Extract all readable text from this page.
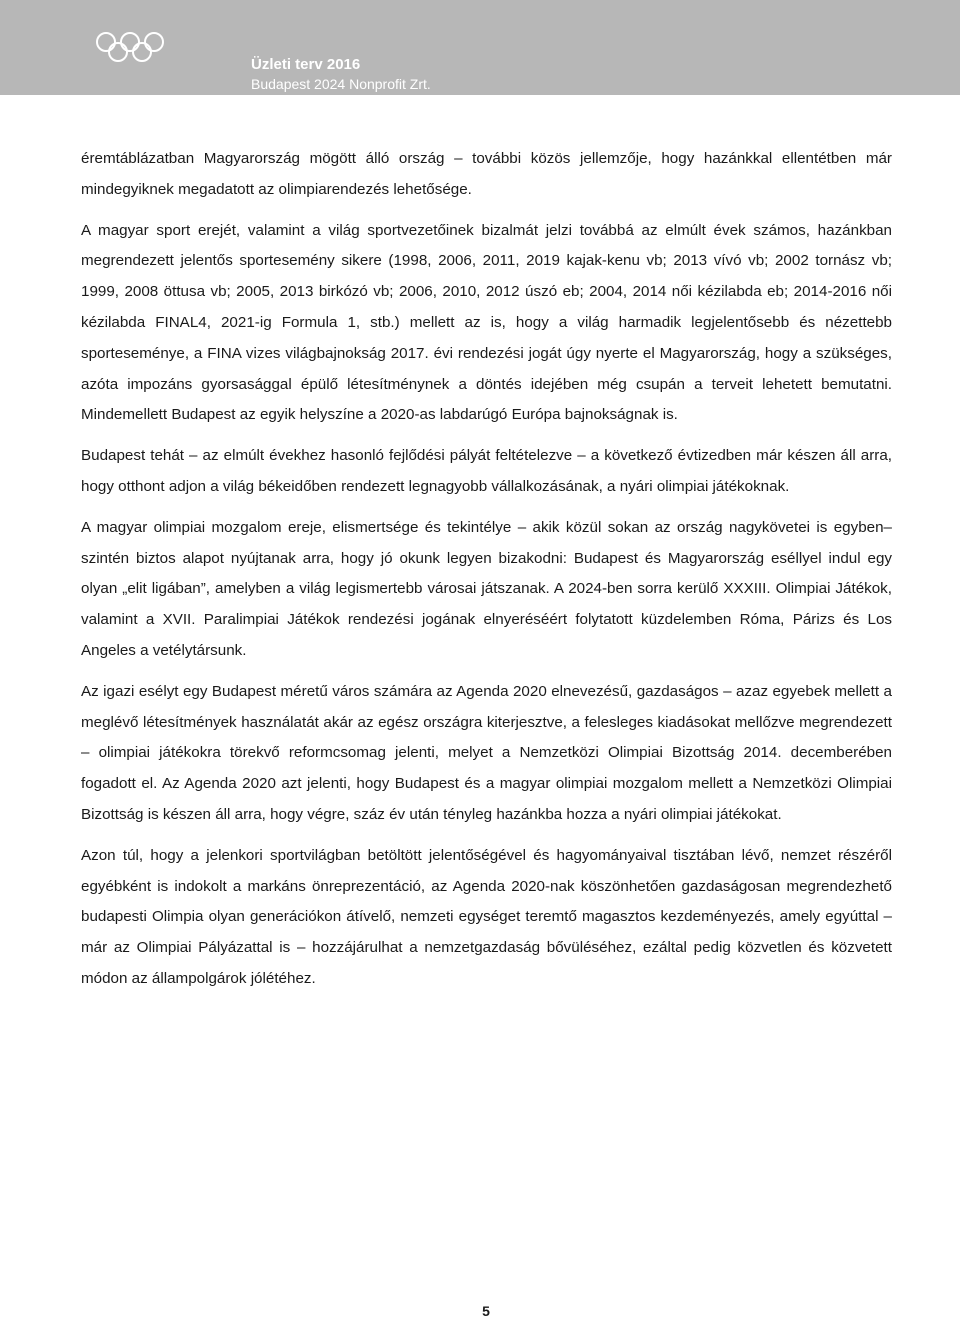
Üzleti terv 2016
Budapest 2024 Nonprofit Zrt.

éremtáblázatban Magyarország mögött álló ország – további közös jellemzője, hogy hazánkkal ellentétben már mindegyiknek megadatott az olimpiarendezés lehetősége.

A magyar sport erejét, valamint a világ sportvezetőinek bizalmát jelzi továbbá az elmúlt évek számos, hazánkban megrendezett jelentős sportesemény sikere (1998, 2006, 2011, 2019 kajak-kenu vb; 2013 vívó vb; 2002 tornász vb; 1999, 2008 öttusa vb; 2005, 2013 birkózó vb; 2006, 2010, 2012 úszó eb; 2004, 2014 női kézilabda eb; 2014-2016 női kézilabda FINAL4, 2021-ig Formula 1, stb.) mellett az is, hogy a világ harmadik legjelentősebb és nézettebb sporteseménye, a FINA vizes világbajnokság 2017. évi rendezési jogát úgy nyerte el Magyarország, hogy a szükséges, azóta impozáns gyorsasággal épülő létesítménynek a döntés idejében még csupán a terveit lehetett bemutatni. Mindemellett Budapest az egyik helyszíne a 2020-as labdarúgó Európa bajnokságnak is.

Budapest tehát – az elmúlt évekhez hasonló fejlődési pályát feltételezve – a következő évtizedben már készen áll arra, hogy otthont adjon a világ békeidőben rendezett legnagyobb vállalkozásának, a nyári olimpiai játékoknak.

A magyar olimpiai mozgalom ereje, elismertsége és tekintélye – akik közül sokan az ország nagykövetei is egyben– szintén biztos alapot nyújtanak arra, hogy jó okunk legyen bizakodni: Budapest és Magyarország eséllyel indul egy olyan „elit ligában”, amelyben a világ legismertebb városai játszanak. A 2024-ben sorra kerülő XXXIII. Olimpiai Játékok, valamint a XVII. Paralimpiai Játékok rendezési jogának elnyeréséért folytatott küzdelemben Róma, Párizs és Los Angeles a vetélytársunk.

Az igazi esélyt egy Budapest méretű város számára az Agenda 2020 elnevezésű, gazdaságos – azaz egyebek mellett a meglévő létesítmények használatát akár az egész országra kiterjesztve, a felesleges kiadásokat mellőzve megrendezett – olimpiai játékokra törekvő reformcsomag jelenti, melyet a Nemzetközi Olimpiai Bizottság 2014. decemberében fogadott el. Az Agenda 2020 azt jelenti, hogy Budapest és a magyar olimpiai mozgalom mellett a Nemzetközi Olimpiai Bizottság is készen áll arra, hogy végre, száz év után tényleg hazánkba hozza a nyári olimpiai játékokat.

Azon túl, hogy a jelenkori sportvilágban betöltött jelentőségével és hagyományaival tisztában lévő, nemzet részéről egyébként is indokolt a markáns önreprezentáció, az Agenda 2020-nak köszönhetően gazdaságosan megrendezhető budapesti Olimpia olyan generációkon átívelő, nemzeti egységet teremtő magasztos kezdeményezés, amely egyúttal – már az Olimpiai Pályázattal is – hozzájárulhat a nemzetgazdaság bővüléséhez, ezáltal pedig közvetlen és közvetett módon az állampolgárok jólétéhez.

5
